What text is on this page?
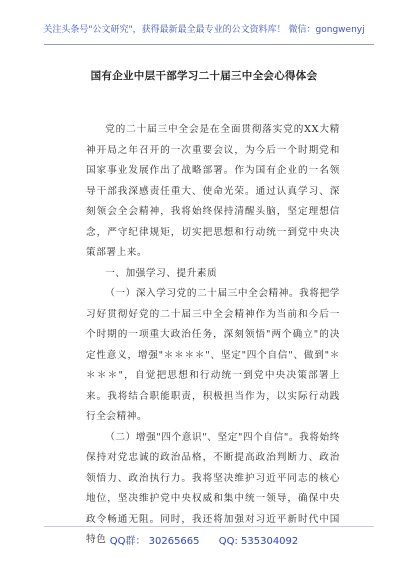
关注头条号"公文研究"，获得最新最全最专业的公文资料库！ 微信：gongwenyj
国有企业中层干部学习二十届三中全会心得体会

党的二十届三中全会是在全面贯彻落实党的XX大精神开局之年召开的一次重要会议，为今后一个时期党和国家事业发展作出了战略部署。作为国有企业的一名领导干部我深感责任重大、使命光荣。通过认真学习、深刻领会全会精神，我将始终保持清醒头脑，坚定理想信念，严守纪律规矩，切实把思想和行动统一到党中央决策部署上来。

一、加强学习、提升素质

（一）深入学习党的二十届三中全会精神。我将把学习好贯彻好党的二十届三中全会精神作为当前和今后一个时期的一项重大政治任务，深刻领悟"两个确立"的决定性意义，增强"＊＊＊＊"、坚定"四个自信"、做到"＊＊＊＊"，自觉把思想和行动统一到党中央决策部署上来。我将结合职能职责，积极担当作为，以实际行动践行全会精神。

（二）增强"四个意识"、坚定"四个自信"。我将始终保持对党忠诚的政治品格，不断提高政治判断力、政治领悟力、政治执行力。我将坚决维护习近平同志的核心地位，坚决维护党中央权威和集中统一领导，确保中央政令畅通无阻。同时，我还将加强对习近平新时代中国特色 QQ群： 30265665 QQ: 535304092
